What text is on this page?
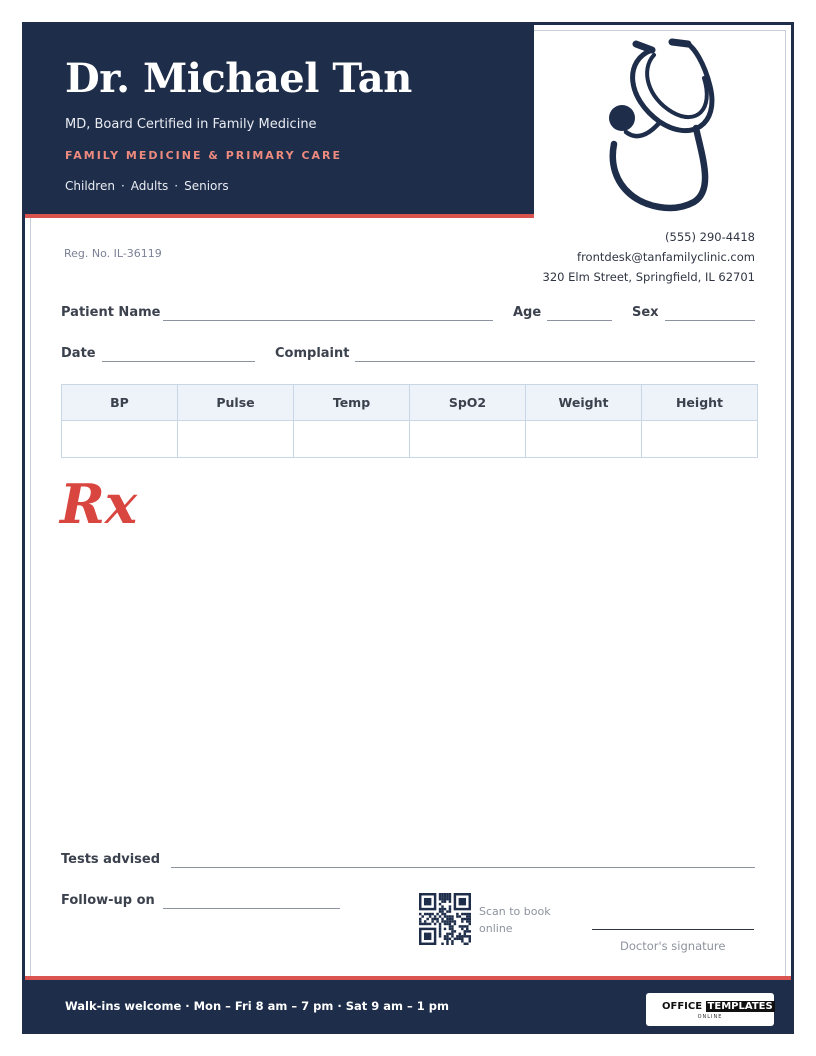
Dr. Michael Tan
MD, Board Certified in Family Medicine
FAMILY MEDICINE & PRIMARY CARE
Children · Adults · Seniors
Reg. No. IL-36119
(555) 290-4418
frontdesk@tanfamilyclinic.com
320 Elm Street, Springfield, IL 62701
Patient Name	Age	Sex
Date	Complaint
BP	Pulse	Temp	SpO2	Weight	Height

Rx
Tests advised
Follow-up on
Scan to book online
Doctor's signature
Walk-ins welcome · Mon – Fri 8 am – 7 pm · Sat 9 am – 1 pm	OFFICE TEMPLATES
ONLINE
